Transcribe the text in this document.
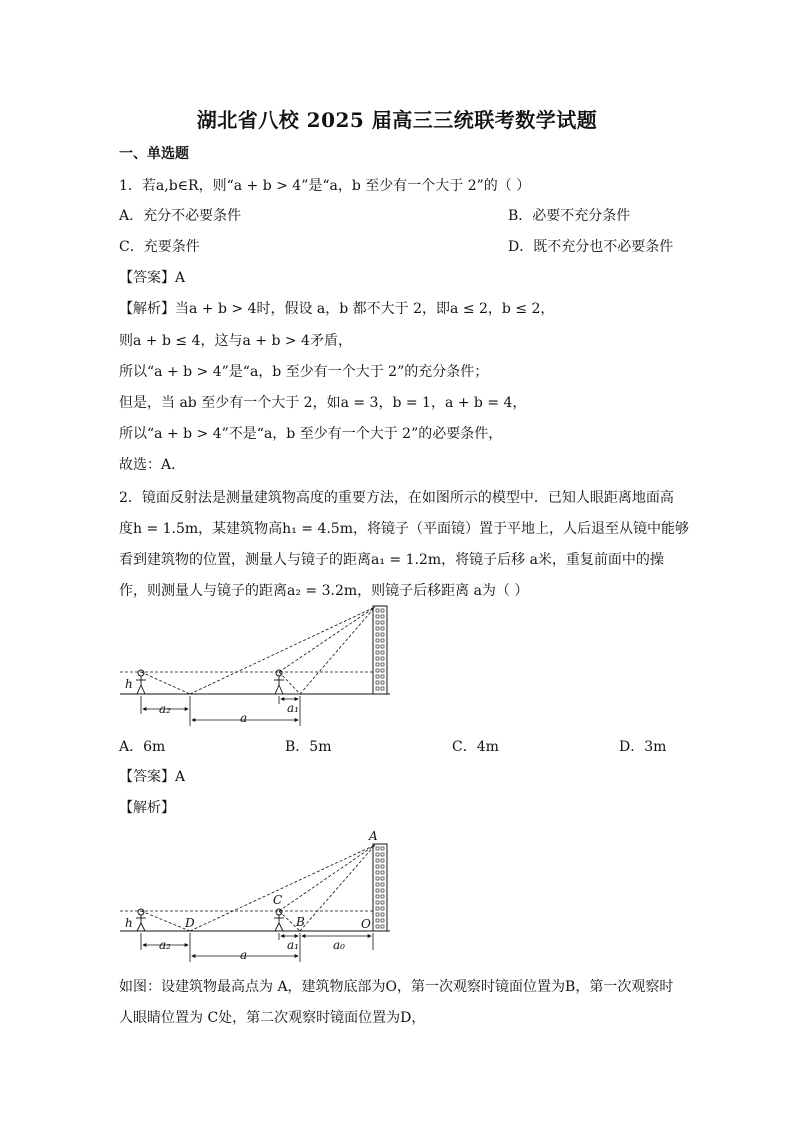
湖北省八校 2025 届高三三统联考数学试题
一、单选题
1．若a,b∈R，则“a + b > 4”是“a，b 至少有一个大于 2”的（ ）
A．充分不必要条件	B．必要不充分条件
C．充要条件	D．既不充分也不必要条件
【答案】A
【解析】当a + b > 4时，假设 a，b 都不大于 2，即a ≤ 2，b ≤ 2，
则a + b ≤ 4，这与a + b > 4矛盾，
所以“a + b > 4”是“a，b 至少有一个大于 2”的充分条件；
但是，当 ab 至少有一个大于 2，如a = 3，b = 1，a + b = 4，
所以“a + b > 4”不是“a，b 至少有一个大于 2”的必要条件，
故选：A．
2．镜面反射法是测量建筑物高度的重要方法，在如图所示的模型中．已知人眼距离地面高
度h = 1.5m，某建筑物高h₁ = 4.5m，将镜子（平面镜）置于平地上，人后退至从镜中能够
看到建筑物的位置，测量人与镜子的距离a₁ = 1.2m，将镜子后移 a米，重复前面中的操
作，则测量人与镜子的距离a₂ = 3.2m，则镜子后移距离 a为（ ）
h
a₂
a
a₁
A．6m	B．5m	C．4m	D．3m
【答案】A
【解析】
A
C
D	B	O
h
a₂
a
a₁	a₀
如图：设建筑物最高点为 A，建筑物底部为O，第一次观察时镜面位置为B，第一次观察时
人眼睛位置为 C处，第二次观察时镜面位置为D，
